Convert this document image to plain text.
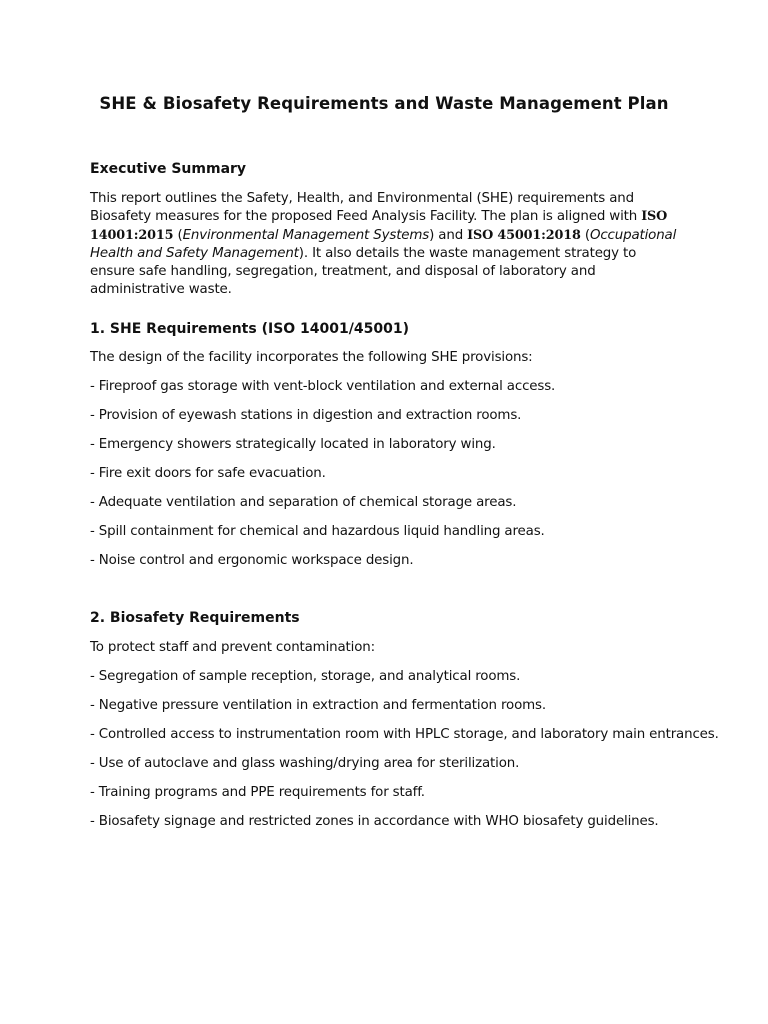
SHE & Biosafety Requirements and Waste Management Plan
Executive Summary

This report outlines the Safety, Health, and Environmental (SHE) requirements and Biosafety measures for the proposed Feed Analysis Facility. The plan is aligned with ISO 14001:2015 (Environmental Management Systems) and ISO 45001:2018 (Occupational Health and Safety Management). It also details the waste management strategy to ensure safe handling, segregation, treatment, and disposal of laboratory and administrative waste.

1. SHE Requirements (ISO 14001/45001)

The design of the facility incorporates the following SHE provisions:

- Fireproof gas storage with vent-block ventilation and external access.
- Provision of eyewash stations in digestion and extraction rooms.
- Emergency showers strategically located in laboratory wing.
- Fire exit doors for safe evacuation.
- Adequate ventilation and separation of chemical storage areas.
- Spill containment for chemical and hazardous liquid handling areas.
- Noise control and ergonomic workspace design.
2. Biosafety Requirements

To protect staff and prevent contamination:

- Segregation of sample reception, storage, and analytical rooms.
- Negative pressure ventilation in extraction and fermentation rooms.
- Controlled access to instrumentation room with HPLC storage, and laboratory main entrances.
- Use of autoclave and glass washing/drying area for sterilization.
- Training programs and PPE requirements for staff.
- Biosafety signage and restricted zones in accordance with WHO biosafety guidelines.
